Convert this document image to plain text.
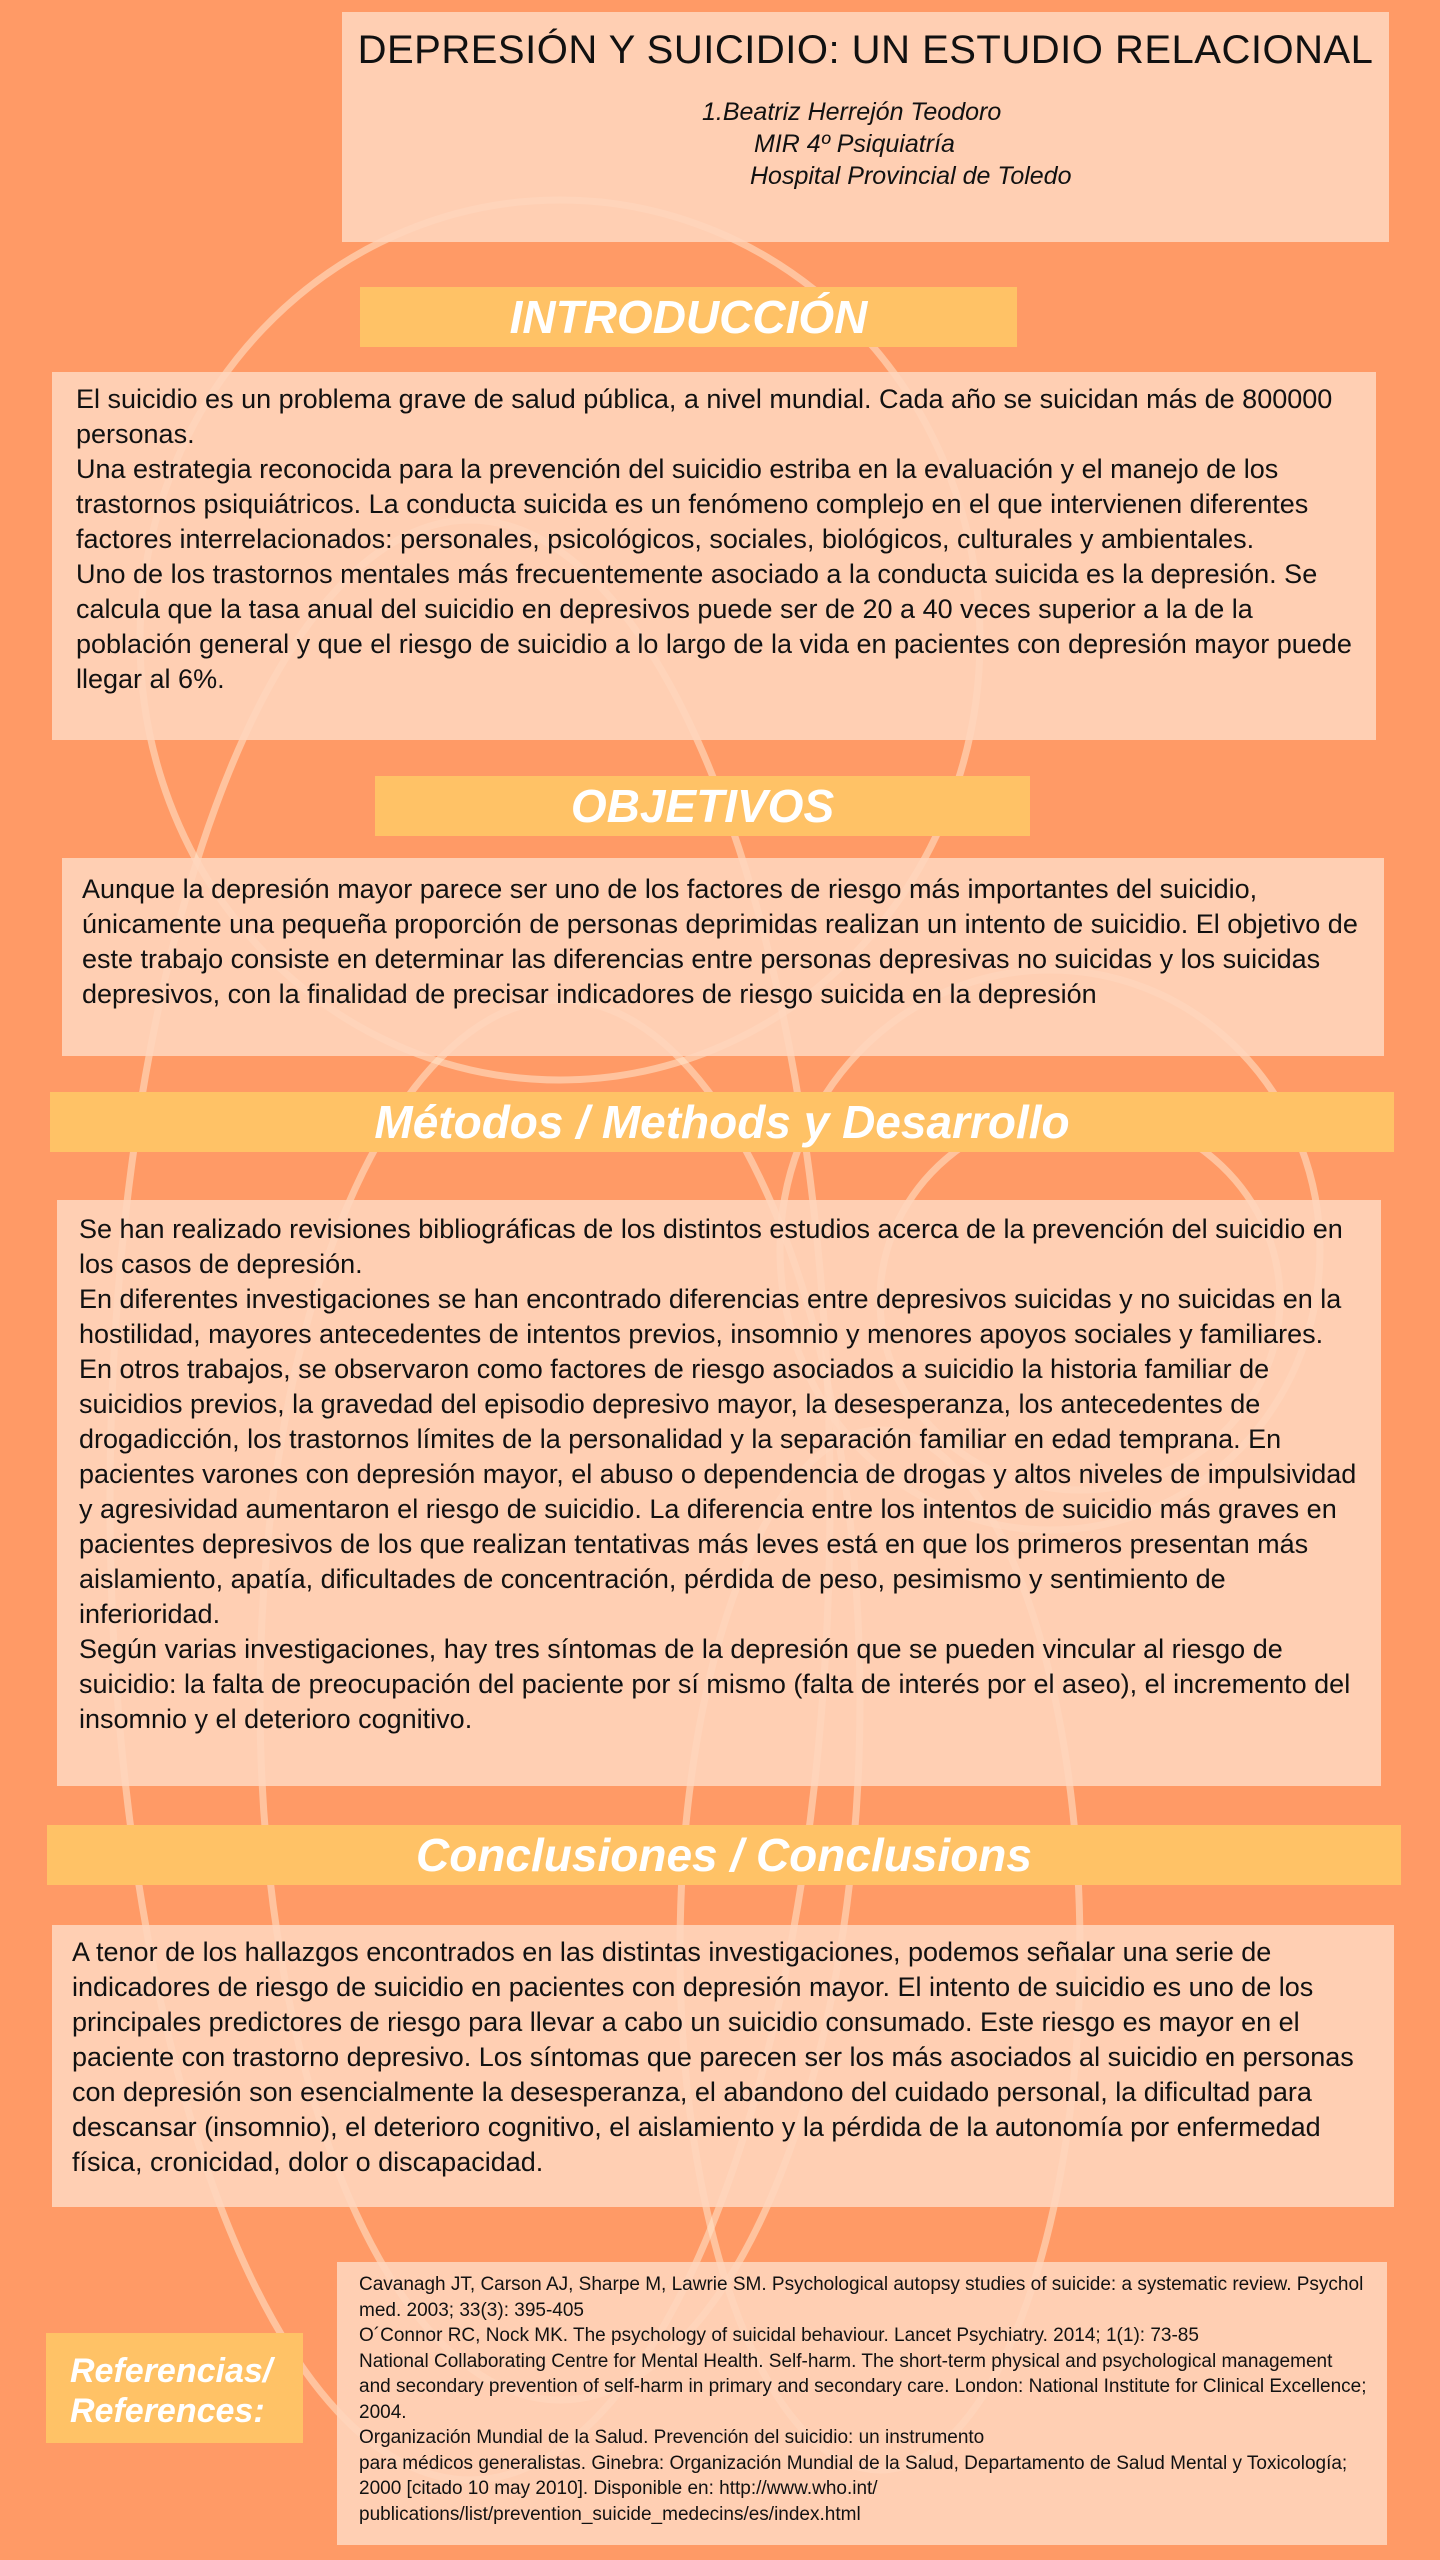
DEPRESIÓN Y SUICIDIO: UN ESTUDIO RELACIONAL
1.Beatriz Herrejón Teodoro
MIR 4º Psiquiatría
Hospital Provincial de Toledo
INTRODUCCIÓN

El suicidio es un problema grave de salud pública, a nivel mundial. Cada año se suicidan más de 800000 personas.
Una estrategia reconocida para la prevención del suicidio estriba en la evaluación y el manejo de los trastornos psiquiátricos. La conducta suicida es un fenómeno complejo en el que intervienen diferentes factores interrelacionados: personales, psicológicos, sociales, biológicos, culturales y ambientales.
Uno de los trastornos mentales más frecuentemente asociado a la conducta suicida es la depresión. Se calcula que la tasa anual del suicidio en depresivos puede ser de 20 a 40 veces superior a la de la población general y que el riesgo de suicidio a lo largo de la vida en pacientes con depresión mayor puede llegar al 6%.

OBJETIVOS

Aunque la depresión mayor parece ser uno de los factores de riesgo más importantes del suicidio, únicamente una pequeña proporción de personas deprimidas realizan un intento de suicidio. El objetivo de este trabajo consiste en determinar las diferencias entre personas depresivas no suicidas y los suicidas depresivos, con la finalidad de precisar indicadores de riesgo suicida en la depresión

Métodos / Methods y Desarrollo

Se han realizado revisiones bibliográficas de los distintos estudios acerca de la prevención del suicidio en los casos de depresión.
En diferentes investigaciones se han encontrado diferencias entre depresivos suicidas y no suicidas en la hostilidad, mayores antecedentes de intentos previos, insomnio y menores apoyos sociales y familiares. En otros trabajos, se observaron como factores de riesgo asociados a suicidio la historia familiar de suicidios previos, la gravedad del episodio depresivo mayor, la desesperanza, los antecedentes de drogadicción, los trastornos límites de la personalidad y la separación familiar en edad temprana. En pacientes varones con depresión mayor, el abuso o dependencia de drogas y altos niveles de impulsividad y agresividad aumentaron el riesgo de suicidio. La diferencia entre los intentos de suicidio más graves en pacientes depresivos de los que realizan tentativas más leves está en que los primeros presentan más aislamiento, apatía, dificultades de concentración, pérdida de peso, pesimismo y sentimiento de inferioridad.
Según varias investigaciones, hay tres síntomas de la depresión que se pueden vincular al riesgo de suicidio: la falta de preocupación del paciente por sí mismo (falta de interés por el aseo), el incremento del insomnio y el deterioro cognitivo.

Conclusiones / Conclusions

A tenor de los hallazgos encontrados en las distintas investigaciones, podemos señalar una serie de indicadores de riesgo de suicidio en pacientes con depresión mayor. El intento de suicidio es uno de los principales predictores de riesgo para llevar a cabo un suicidio consumado. Este riesgo es mayor en el paciente con trastorno depresivo. Los síntomas que parecen ser los más asociados al suicidio en personas con depresión son esencialmente la desesperanza, el abandono del cuidado personal, la dificultad para descansar (insomnio), el deterioro cognitivo, el aislamiento y la pérdida de la autonomía por enfermedad física, cronicidad, dolor o discapacidad.

Referencias/
References:
Cavanagh JT, Carson AJ, Sharpe M, Lawrie SM. Psychological autopsy studies of suicide: a systematic review. Psychol med. 2003; 33(3): 395-405
O´Connor RC, Nock MK. The psychology of suicidal behaviour. Lancet Psychiatry. 2014; 1(1): 73-85
National Collaborating Centre for Mental Health. Self-harm. The short-term physical and psychological management and secondary prevention of self-harm in primary and secondary care. London: National Institute for Clinical Excellence; 2004.
Organización Mundial de la Salud. Prevención del suicidio: un instrumento
para médicos generalistas. Ginebra: Organización Mundial de la Salud, Departamento de Salud Mental y Toxicología; 2000 [citado 10 may 2010]. Disponible en: http://www.who.int/ publications/list/prevention_suicide_medecins/es/index.html
